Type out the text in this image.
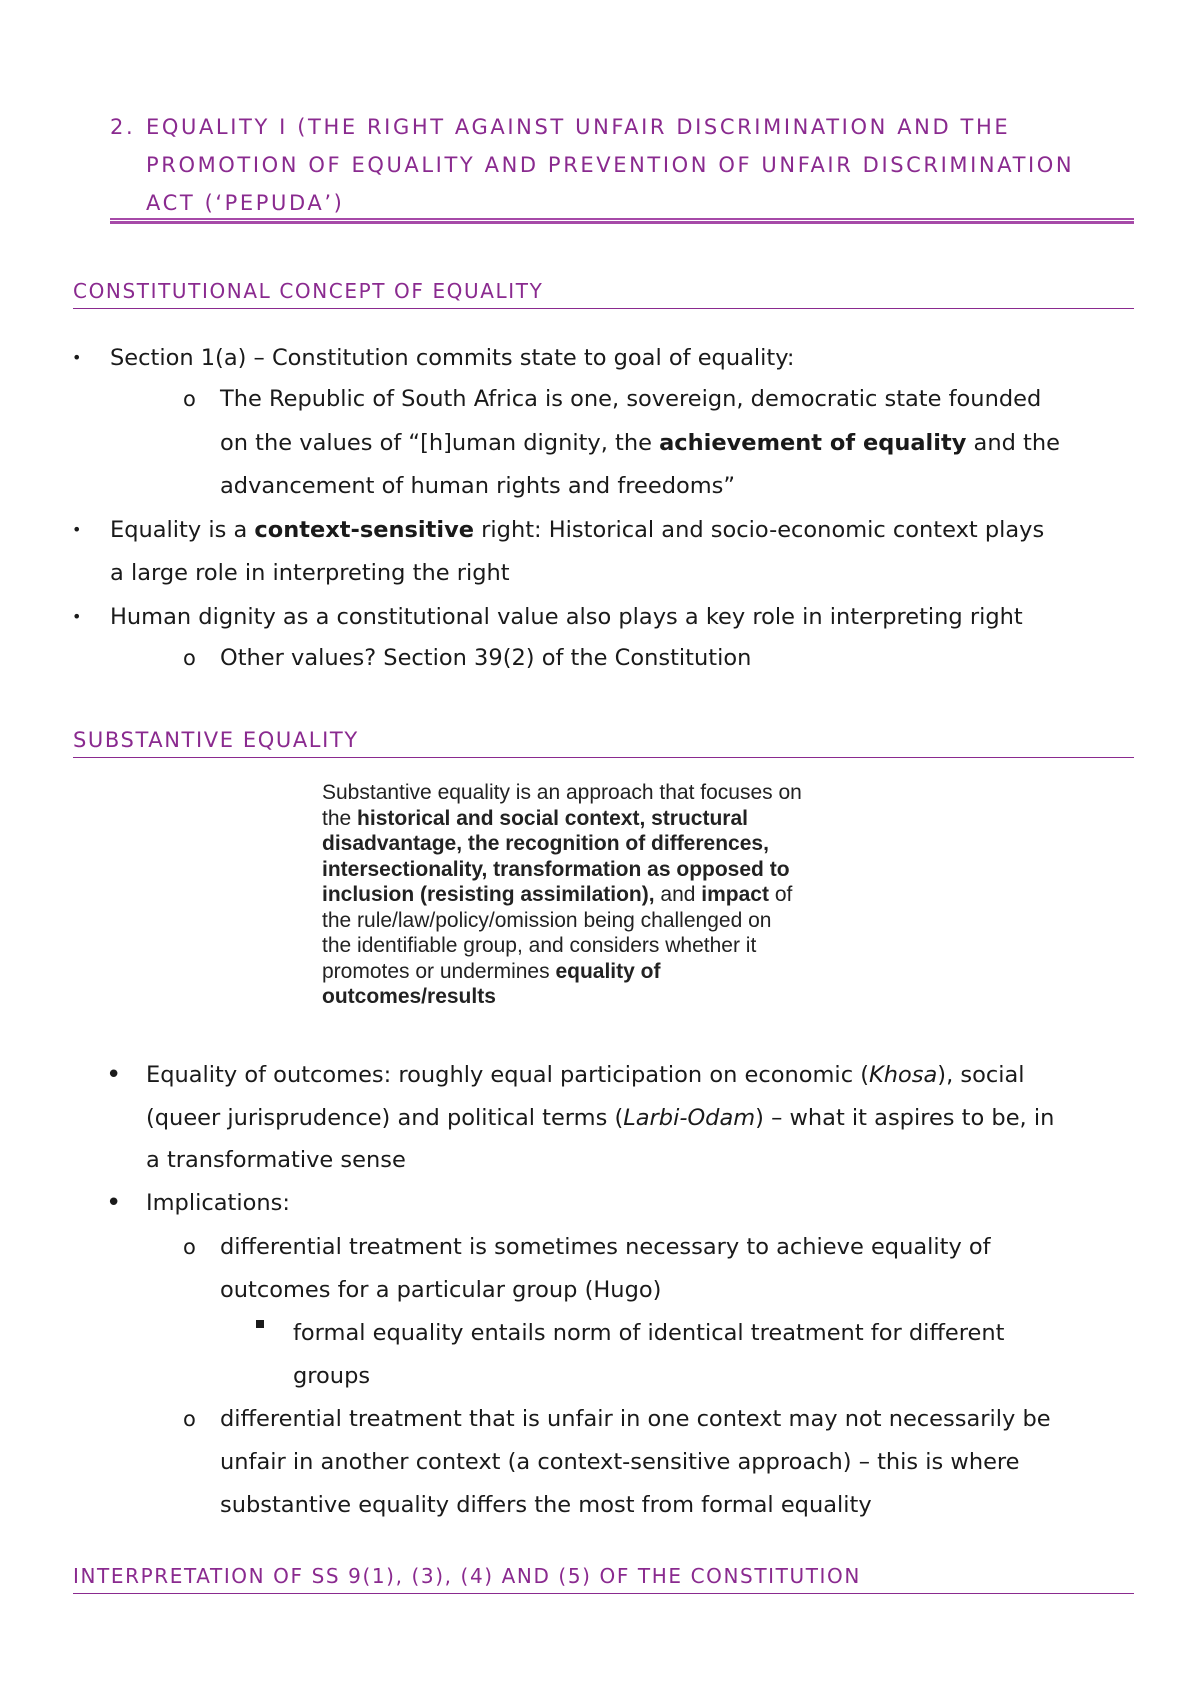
2. EQUALITY I (THE RIGHT AGAINST UNFAIR DISCRIMINATION AND THE
PROMOTION OF EQUALITY AND PREVENTION OF UNFAIR DISCRIMINATION
ACT (‘PEPUDA’)
CONSTITUTIONAL CONCEPT OF EQUALITY
• Section 1(a) – Constitution commits state to goal of equality:
o The Republic of South Africa is one, sovereign, democratic state founded
on the values of “[h]uman dignity, the achievement of equality and the
advancement of human rights and freedoms”
• Equality is a context-sensitive right: Historical and socio-economic context plays
a large role in interpreting the right
• Human dignity as a constitutional value also plays a key role in interpreting right
o Other values? Section 39(2) of the Constitution
SUBSTANTIVE EQUALITY
Substantive equality is an approach that focuses on
the historical and social context, structural
disadvantage, the recognition of differences,
intersectionality, transformation as opposed to
inclusion (resisting assimilation), and impact of
the rule/law/policy/omission being challenged on
the identifiable group, and considers whether it
promotes or undermines equality of
outcomes/results
• Equality of outcomes: roughly equal participation on economic (Khosa), social
(queer jurisprudence) and political terms (Larbi-Odam) – what it aspires to be, in
a transformative sense
• Implications:
o differential treatment is sometimes necessary to achieve equality of
outcomes for a particular group (Hugo)
formal equality entails norm of identical treatment for different
groups
o differential treatment that is unfair in one context may not necessarily be
unfair in another context (a context-sensitive approach) – this is where
substantive equality differs the most from formal equality
INTERPRETATION OF SS 9(1), (3), (4) AND (5) OF THE CONSTITUTION
